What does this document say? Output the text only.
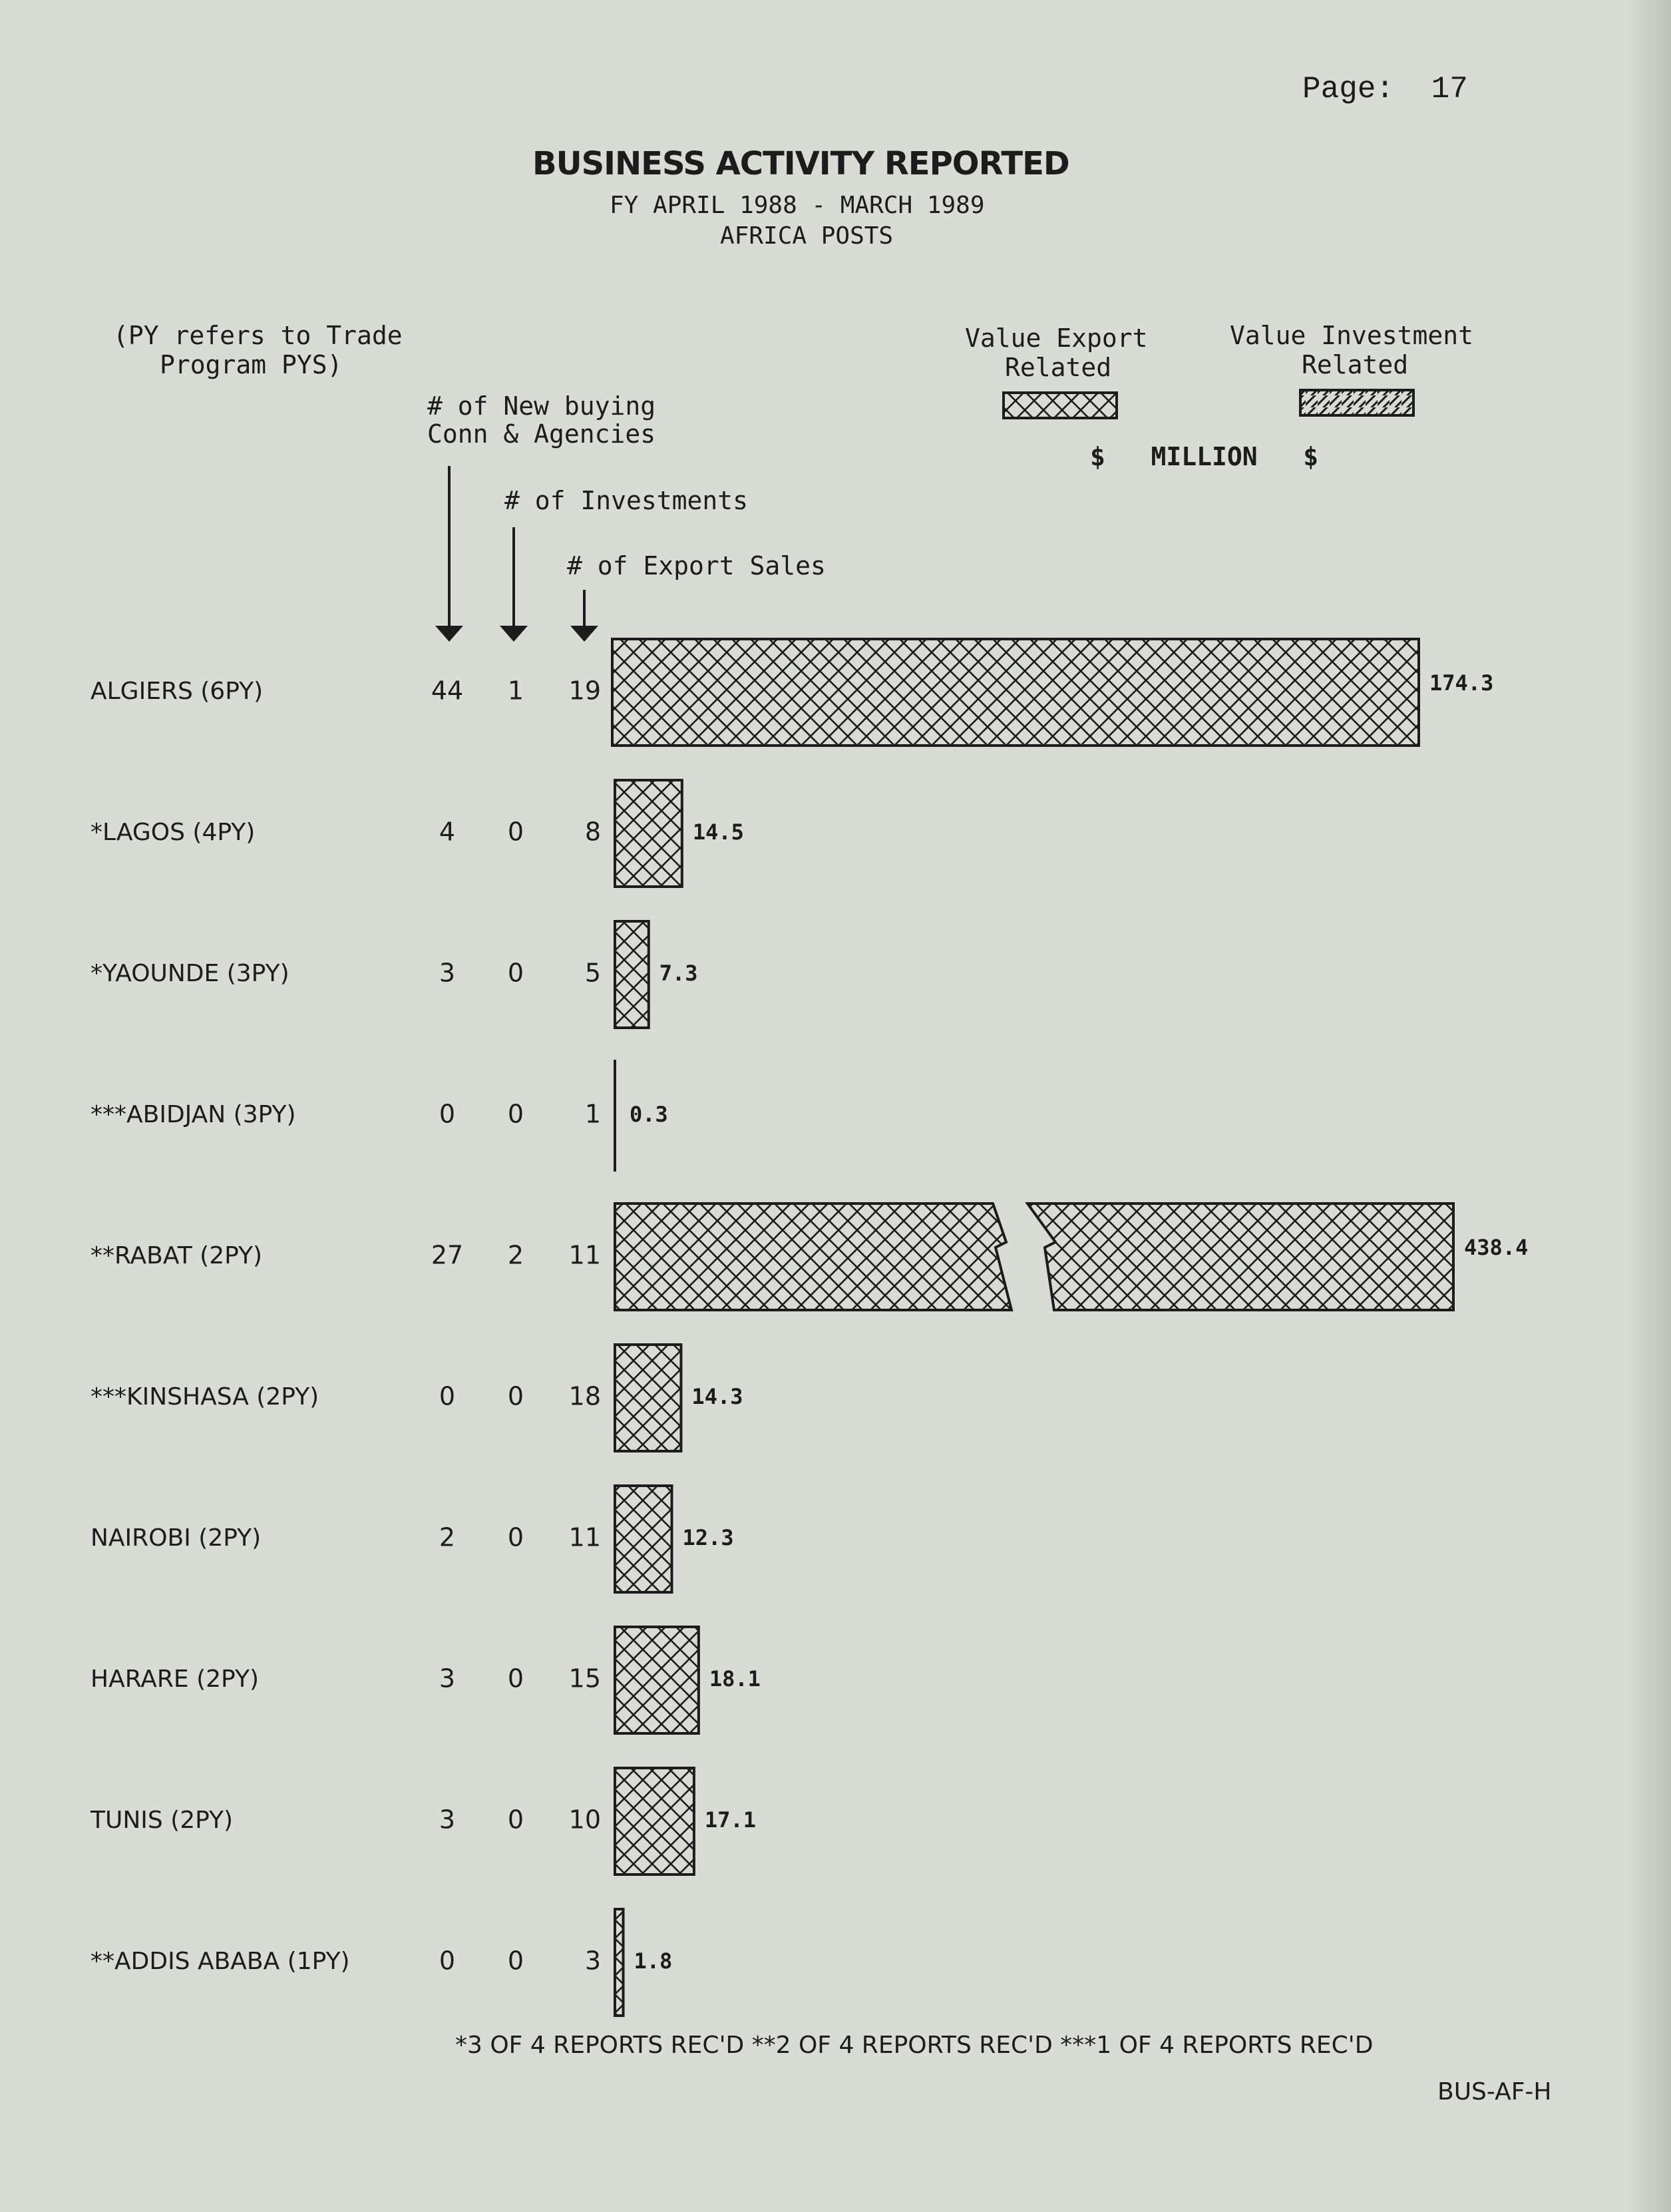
Page: 17
BUSINESS ACTIVITY REPORTED
FY APRIL 1988 - MARCH 1989
AFRICA POSTS
(PY refers to Trade
Program PYS)
Value Export
Related
Value Investment
Related
$   MILLION   $
# of New buying
Conn & Agencies
# of Investments
# of Export Sales
ALGIERS (6PY)	44 1 19	174.3
*LAGOS (4PY)	4 0 8	14.5
*YAOUNDE (3PY)	3 0 5	7.3
***ABIDJAN (3PY)	0 0 1 0.3
**RABAT (2PY)	27 2 11	438.4
***KINSHASA (2PY)	0 0 18	14.3
NAIROBI (2PY)	2 0 11	12.3
HARARE (2PY)	3 0 15	18.1
TUNIS (2PY)	3 0 10	17.1
**ADDIS ABABA (1PY)	0 0 3 1.8
*3 OF 4 REPORTS REC'D **2 OF 4 REPORTS REC'D ***1 OF 4 REPORTS REC'D
BUS-AF-H
